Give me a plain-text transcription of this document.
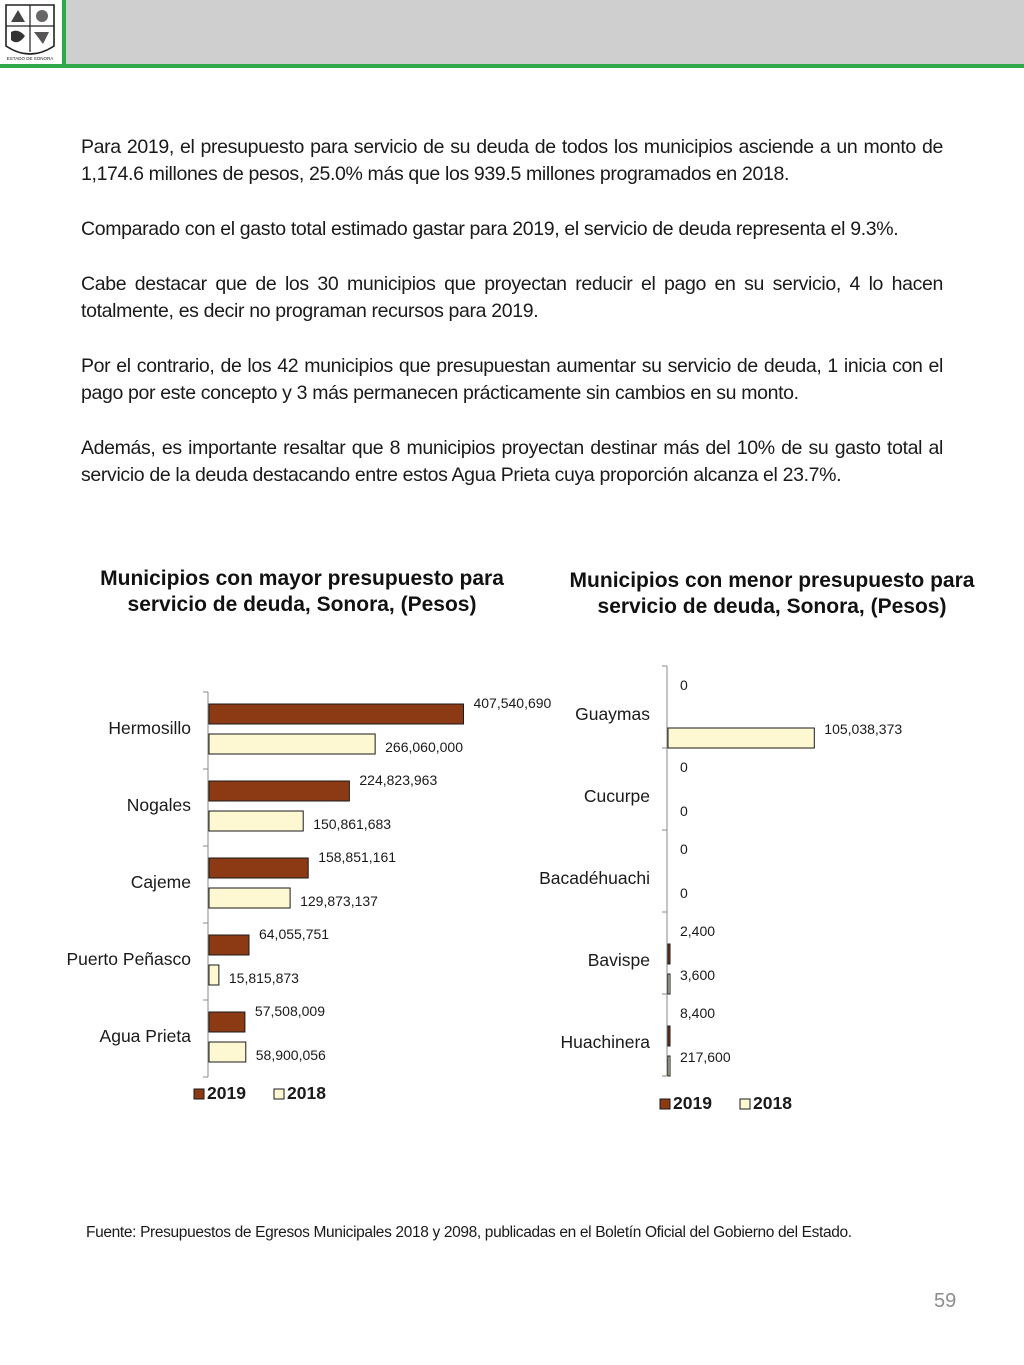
ESTADO DE SONORA

Para 2019, el presupuesto para servicio de su deuda de todos los municipios asciende a un monto de 1,174.6 millones de pesos, 25.0% más que los 939.5 millones programados en 2018.

Comparado con el gasto total estimado gastar para 2019, el servicio de deuda representa el 9.3%.

Cabe destacar que de los 30 municipios que proyectan reducir el pago en su servicio, 4 lo hacen totalmente, es decir no programan recursos para 2019.

Por el contrario, de los 42 municipios que presupuestan aumentar su servicio de deuda, 1 inicia con el pago por este concepto y 3 más permanecen prácticamente sin cambios en su monto.

Además, es importante resaltar que 8 municipios proyectan destinar más del 10% de su gasto total al servicio de la deuda destacando entre estos Agua Prieta cuya proporción alcanza el 23.7%.

Municipios con mayor presupuesto para servicio de deuda, Sonora, (Pesos)
Municipios con menor presupuesto para servicio de deuda, Sonora, (Pesos)
Hermosillo
407,540,690
266,060,000
Nogales
224,823,963
150,861,683
Cajeme
158,851,161
129,873,137
Puerto Peñasco
64,055,751
15,815,873
Agua Prieta
57,508,009
58,900,056
2019 2018
Guaymas
0
105,038,373
Cucurpe
0
0
Bacadéhuachi
0
0
Bavispe
2,400
3,600
Huachinera
8,400
217,600
2019 2018
Fuente: Presupuestos de Egresos Municipales 2018 y 2098, publicadas en el Boletín Oficial del Gobierno del Estado.
59
